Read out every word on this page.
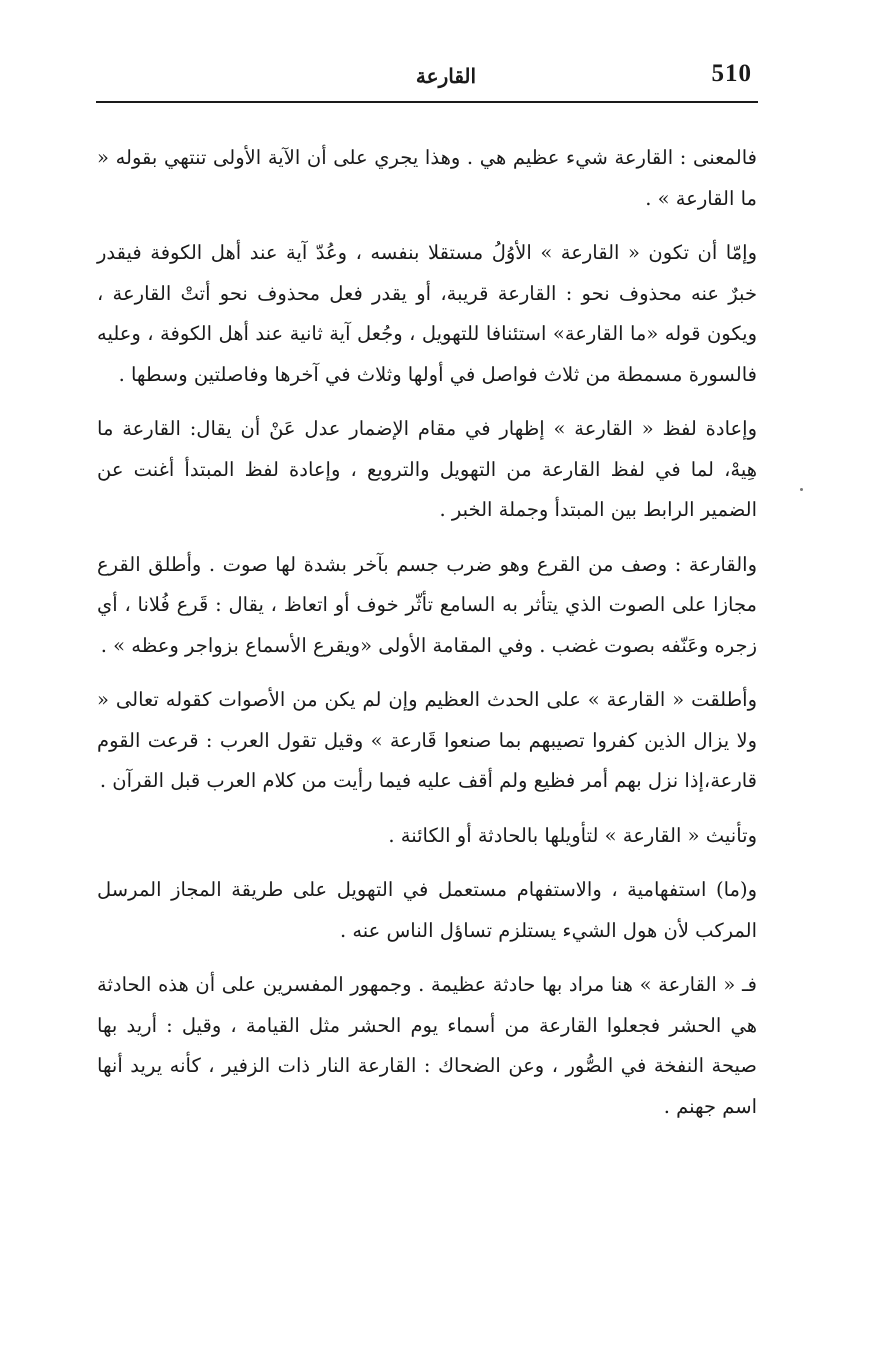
القارعة	510

فالمعنى : القارعة شيء عظيم هي . وهذا يجري على أن الآية الأولى تنتهي بقوله « ما القارعة » .

وإمّا أن تكون « القارعة » الأوُلُ مستقلا بنفسه ، وعُدّ آية عند أهل الكوفة فيقدر خبرٌ عنه محذوف نحو : القارعة قريبة، أو يقدر فعل محذوف نحو أتتْ القارعة ، ويكون قوله «ما القارعة» استئنافا للتهويل ، وجُعل آية ثانية عند أهل الكوفة ، وعليه فالسورة مسمطة من ثلاث فواصل في أولها وثلاث في آخرها وفاصلتين وسطها .

وإعادة لفظ « القارعة » إظهار في مقام الإضمار عدل عَنْ أن يقال: القارعة ما هِيهْ، لما في لفظ القارعة من التهويل والترويع ، وإعادة لفظ المبتدأ أغنت عن الضمير الرابط بين المبتدأ وجملة الخبر .

والقارعة : وصف من القرع وهو ضرب جسم بآخر بشدة لها صوت . وأطلق القرع مجازا على الصوت الذي يتأثر به السامع تأثّر خوف أو اتعاظ ، يقال : قَرع فُلانا ، أي زجره وعَنّفه بصوت غضب . وفي المقامة الأولى «ويقرع الأسماع بزواجر وعظه » .

وأطلقت « القارعة » على الحدث العظيم وإن لم يكن من الأصوات كقوله تعالى « ولا يزال الذين كفروا تصيبهم بما صنعوا قَارعة » وقيل تقول العرب : قرعت القوم قارعة،إذا نزل بهم أمر فظيع ولم أقف عليه فيما رأيت من كلام العرب قبل القرآن .

وتأنيث « القارعة » لتأويلها بالحادثة أو الكائنة .

و(ما) استفهامية ، والاستفهام مستعمل في التهويل على طريقة المجاز المرسل المركب لأن هول الشيء يستلزم تساؤل الناس عنه .

فـ « القارعة » هنا مراد بها حادثة عظيمة . وجمهور المفسرين على أن هذه الحادثة هي الحشر فجعلوا القارعة من أسماء يوم الحشر مثل القيامة ، وقيل : أريد بها صيحة النفخة في الصُّور ، وعن الضحاك : القارعة النار ذات الزفير ، كأنه يريد أنها اسم جهنم .
